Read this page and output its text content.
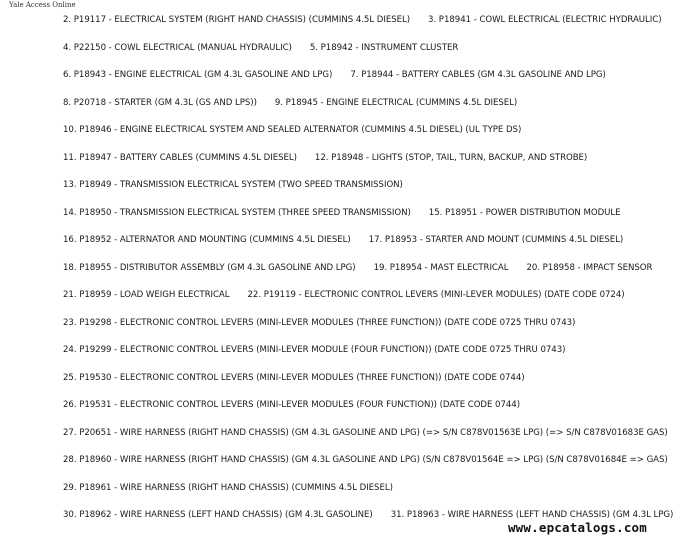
Yale Access Online
2. P19117 - ELECTRICAL SYSTEM (RIGHT HAND CHASSIS) (CUMMINS 4.5L DIESEL) 3. P18941 - COWL ELECTRICAL (ELECTRIC HYDRAULIC)
4. P22150 - COWL ELECTRICAL (MANUAL HYDRAULIC) 5. P18942 - INSTRUMENT CLUSTER
6. P18943 - ENGINE ELECTRICAL (GM 4.3L GASOLINE AND LPG) 7. P18944 - BATTERY CABLES (GM 4.3L GASOLINE AND LPG)
8. P20718 - STARTER (GM 4.3L (GS AND LPS)) 9. P18945 - ENGINE ELECTRICAL (CUMMINS 4.5L DIESEL)
10. P18946 - ENGINE ELECTRICAL SYSTEM AND SEALED ALTERNATOR (CUMMINS 4.5L DIESEL) (UL TYPE DS)
11. P18947 - BATTERY CABLES (CUMMINS 4.5L DIESEL) 12. P18948 - LIGHTS (STOP, TAIL, TURN, BACKUP, AND STROBE)
13. P18949 - TRANSMISSION ELECTRICAL SYSTEM (TWO SPEED TRANSMISSION)
14. P18950 - TRANSMISSION ELECTRICAL SYSTEM (THREE SPEED TRANSMISSION) 15. P18951 - POWER DISTRIBUTION MODULE
16. P18952 - ALTERNATOR AND MOUNTING (CUMMINS 4.5L DIESEL) 17. P18953 - STARTER AND MOUNT (CUMMINS 4.5L DIESEL)
18. P18955 - DISTRIBUTOR ASSEMBLY (GM 4.3L GASOLINE AND LPG) 19. P18954 - MAST ELECTRICAL 20. P18958 - IMPACT SENSOR
21. P18959 - LOAD WEIGH ELECTRICAL 22. P19119 - ELECTRONIC CONTROL LEVERS (MINI-LEVER MODULES) (DATE CODE 0724)
23. P19298 - ELECTRONIC CONTROL LEVERS (MINI-LEVER MODULES (THREE FUNCTION)) (DATE CODE 0725 THRU 0743)
24. P19299 - ELECTRONIC CONTROL LEVERS (MINI-LEVER MODULE (FOUR FUNCTION)) (DATE CODE 0725 THRU 0743)
25. P19530 - ELECTRONIC CONTROL LEVERS (MINI-LEVER MODULES (THREE FUNCTION)) (DATE CODE 0744)
26. P19531 - ELECTRONIC CONTROL LEVERS (MINI-LEVER MODULES (FOUR FUNCTION)) (DATE CODE 0744)
27. P20651 - WIRE HARNESS (RIGHT HAND CHASSIS) (GM 4.3L GASOLINE AND LPG) (=> S/N C878V01563E LPG) (=> S/N C878V01683E GAS)
28. P18960 - WIRE HARNESS (RIGHT HAND CHASSIS) (GM 4.3L GASOLINE AND LPG) (S/N C878V01564E => LPG) (S/N C878V01684E => GAS)
29. P18961 - WIRE HARNESS (RIGHT HAND CHASSIS) (CUMMINS 4.5L DIESEL)
30. P18962 - WIRE HARNESS (LEFT HAND CHASSIS) (GM 4.3L GASOLINE) 31. P18963 - WIRE HARNESS (LEFT HAND CHASSIS) (GM 4.3L LPG)
www.epcatalogs.com
